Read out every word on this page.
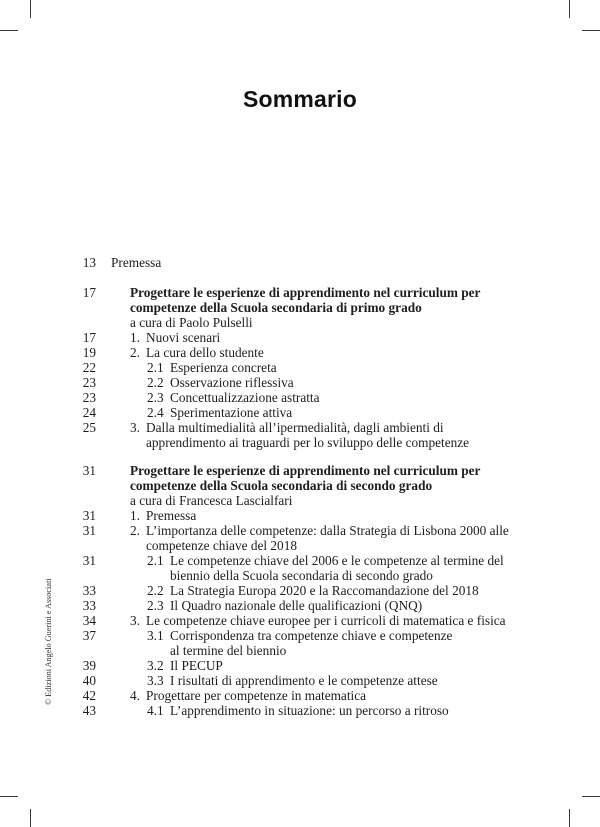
Sommario
© Edizioni Angelo Guerini e Associati
13 Premessa
17	Progettare le esperienze di apprendimento nel curriculum per
competenze della Scuola secondaria di primo grado
a cura di Paolo Pulselli
17	1. Nuovi scenari
19	2. La cura dello studente
22	2.1 Esperienza concreta
23	2.2 Osservazione riflessiva
23	2.3 Concettualizzazione astratta
24	2.4 Sperimentazione attiva
25	3. Dalla multimedialità all’ipermedialità, dagli ambienti di
apprendimento ai traguardi per lo sviluppo delle competenze
31	Progettare le esperienze di apprendimento nel curriculum per
competenze della Scuola secondaria di secondo grado
a cura di Francesca Lascialfari
31	1. Premessa
31	2. L’importanza delle competenze: dalla Strategia di Lisbona 2000 alle
competenze chiave del 2018
31	2.1 Le competenze chiave del 2006 e le competenze al termine del
biennio della Scuola secondaria di secondo grado
33	2.2 La Strategia Europa 2020 e la Raccomandazione del 2018
33	2.3 Il Quadro nazionale delle qualificazioni (QNQ)
34	3. Le competenze chiave europee per i curricoli di matematica e fisica
37	3.1 Corrispondenza tra competenze chiave e competenze
al termine del biennio
39	3.2 Il PECUP
40	3.3 I risultati di apprendimento e le competenze attese
42	4. Progettare per competenze in matematica
43	4.1 L’apprendimento in situazione: un percorso a ritroso
